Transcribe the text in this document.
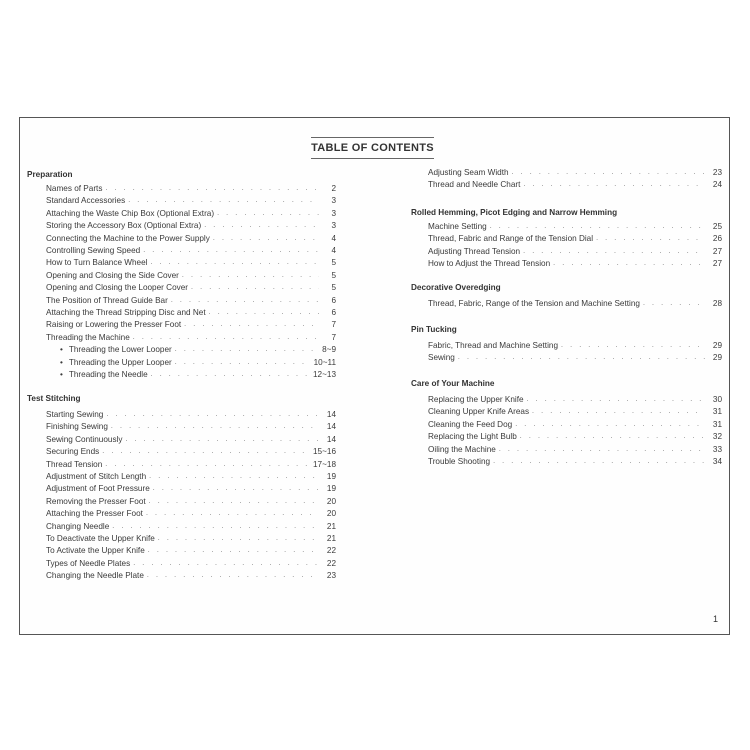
TABLE OF CONTENTS
Preparation
Names of Parts . . .	2
Standard Accessories . . .	3
Attaching the Waste Chip Box (Optional Extra) . . .	3
Storing the Accessory Box (Optional Extra) . . .	3
Connecting the Machine to the Power Supply . . .	4
Controlling Sewing Speed . . .	4
How to Turn Balance Wheel . . .	5
Opening and Closing the Side Cover . . .	5
Opening and Closing the Looper Cover . . .	5
The Position of Thread Guide Bar . . .	6
Attaching the Thread Stripping Disc and Net . . .	6
Raising or Lowering the Presser Foot . . .	7
Threading the Machine . . .	7
• Threading the Lower Looper . . .	8~9
• Threading the Upper Looper . . .	10~11
• Threading the Needle . . .	12~13
Test Stitching
Starting Sewing . . .	14
Finishing Sewing . . .	14
Sewing Continuously . . .	14
Securing Ends . . .	15~16
Thread Tension . . .	17~18
Adjustment of Stitch Length . . .	19
Adjustment of Foot Pressure . . .	19
Removing the Presser Foot . . .	20
Attaching the Presser Foot . . .	20
Changing Needle . . .	21
To Deactivate the Upper Knife . . .	21
To Activate the Upper Knife . . .	22
Types of Needle Plates . . .	22
Changing the Needle Plate . . .	23
Adjusting Seam Width . . .	23
Thread and Needle Chart . . .	24
Rolled Hemming, Picot Edging and Narrow Hemming
Machine Setting . . .	25
Thread, Fabric and Range of the Tension Dial . . .	26
Adjusting Thread Tension . . .	27
How to Adjust the Thread Tension . . .	27
Decorative Overedging
Thread, Fabric, Range of the Tension and Machine Setting . . .	28
Pin Tucking
Fabric, Thread and Machine Setting . . .	29
Sewing . . .	29
Care of Your Machine
Replacing the Upper Knife . . .	30
Cleaning Upper Knife Areas . . .	31
Cleaning the Feed Dog . . .	31
Replacing the Light Bulb . . .	32
Oiling the Machine . . .	33
Trouble Shooting . . .	34
1
